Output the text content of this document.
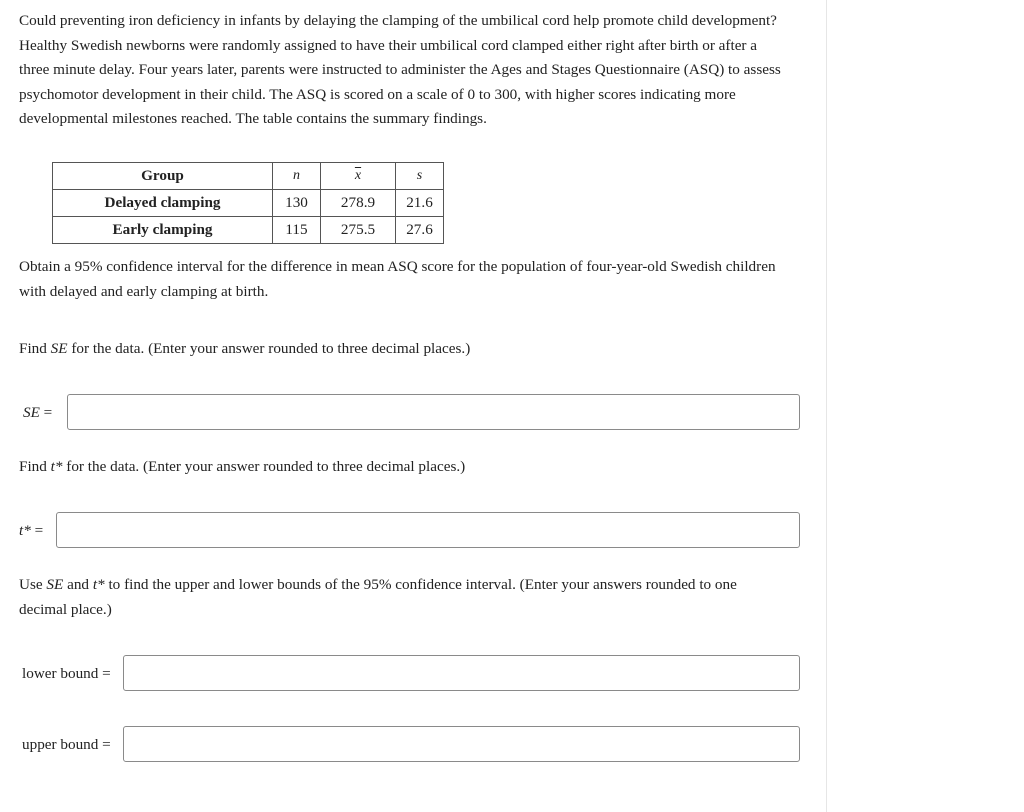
Could preventing iron deficiency in infants by delaying the clamping of the umbilical cord help promote child development?
Healthy Swedish newborns were randomly assigned to have their umbilical cord clamped either right after birth or after a
three minute delay. Four years later, parents were instructed to administer the Ages and Stages Questionnaire (ASQ) to assess
psychomotor development in their child. The ASQ is scored on a scale of 0 to 300, with higher scores indicating more
developmental milestones reached. The table contains the summary findings.
Group	n	$\overline{x}$	s
Delayed clamping	130	278.9	21.6
Early clamping	115	275.5	27.6
Obtain a 95% confidence interval for the difference in mean ASQ score for the population of four-year-old Swedish children
with delayed and early clamping at birth.
Find SE for the data. (Enter your answer rounded to three decimal places.)
SE =
Find t* for the data. (Enter your answer rounded to three decimal places.)
t* =
Use SE and t* to find the upper and lower bounds of the 95% confidence interval. (Enter your answers rounded to one
decimal place.)
lower bound =
upper bound =
